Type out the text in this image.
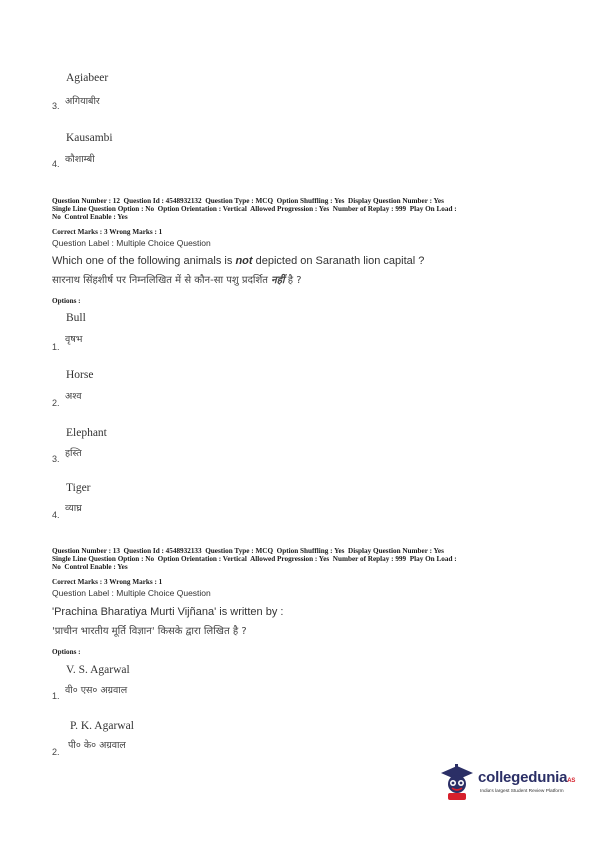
Agiabeer
3. अगियाबीर
Kausambi
4. कौशाम्बी
Question Number : 12  Question Id : 4548932132  Question Type : MCQ  Option Shuffling : Yes  Display Question Number : Yes
Single Line Question Option : No  Option Orientation : Vertical  Allowed Progression : Yes  Number of Replay : 999  Play On Load :
No  Control Enable : Yes
Correct Marks : 3 Wrong Marks : 1
Question Label : Multiple Choice Question
Which one of the following animals is not depicted on Saranath lion capital ?
सारनाथ सिंहशीर्ष पर निम्नलिखित में से कौन-सा पशु प्रदर्शित नहीं है ?
Options :
Bull
1.
वृषभ
Horse
2.
अश्व
Elephant
3. हस्ति
Tiger
4.
व्याघ्र
Question Number : 13  Question Id : 4548932133  Question Type : MCQ  Option Shuffling : Yes  Display Question Number : Yes
Single Line Question Option : No  Option Orientation : Vertical  Allowed Progression : Yes  Number of Replay : 999  Play On Load :
No  Control Enable : Yes
Correct Marks : 3 Wrong Marks : 1
Question Label : Multiple Choice Question
'Prachina Bharatiya Murti Vijñana' is written by :
'प्राचीन भारतीय मूर्ति विज्ञान' किसके द्वारा लिखित है ?
Options :
V. S. Agarwal
1. वी० एस० अग्रवाल
P. K. Agarwal
2.
पी० के० अग्रवाल
collegeduniaAS
India's largest Student Review Platform
